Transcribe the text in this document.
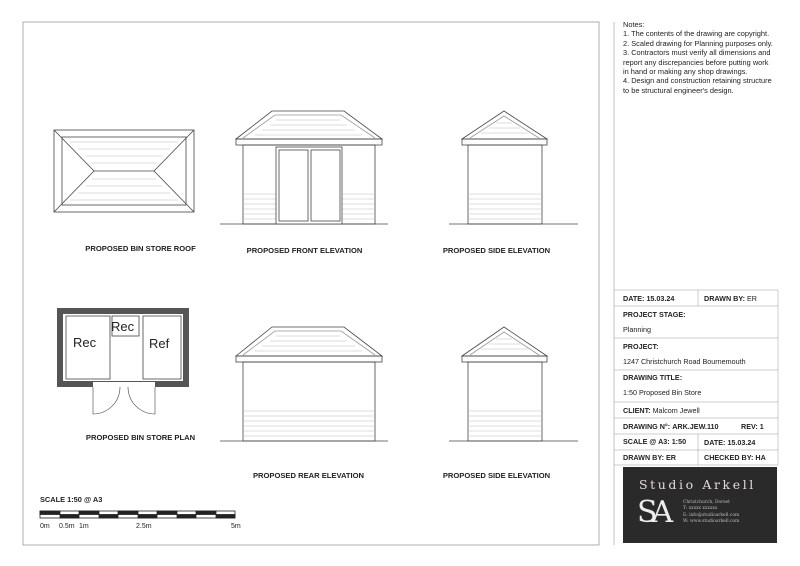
PROPOSED BIN STORE ROOF	PROPOSED FRONT ELEVATION	PROPOSED SIDE ELEVATION
PROPOSED BIN STORE PLAN
PROPOSED REAR ELEVATION	PROPOSED SIDE ELEVATION
Rec
Rec
Ref
Notes:
1. The contents of the drawing are copyright.
2. Scaled drawing for Planning purposes only.
3. Contractors must verify all dimensions and
report any discrepancies before putting work
in hand or making any shop drawings.
4. Design and construction retaining structure
to be structural engineer's design.
SCALE 1:50 @ A3
0m 0.5m 1m	2.5m	5m
DATE: 15.03.24	DRAWN BY: ER
PROJECT STAGE:
Planning
PROJECT:
1247 Christchurch Road Bournemouth
DRAWING TITLE:
1:50 Proposed Bin Store
CLIENT: Malcom Jewell
DRAWING N°: ARK.JEW.110	REV: 1
SCALE @ A3: 1:50 DATE: 15.03.24
DRAWN BY: ER	CHECKED BY: HA
Studio Arkell
SA	Christchurch, Dorset
T: xxxxx xxxxxx
E: info@studioarkell.com
W: www.studioarkell.com
